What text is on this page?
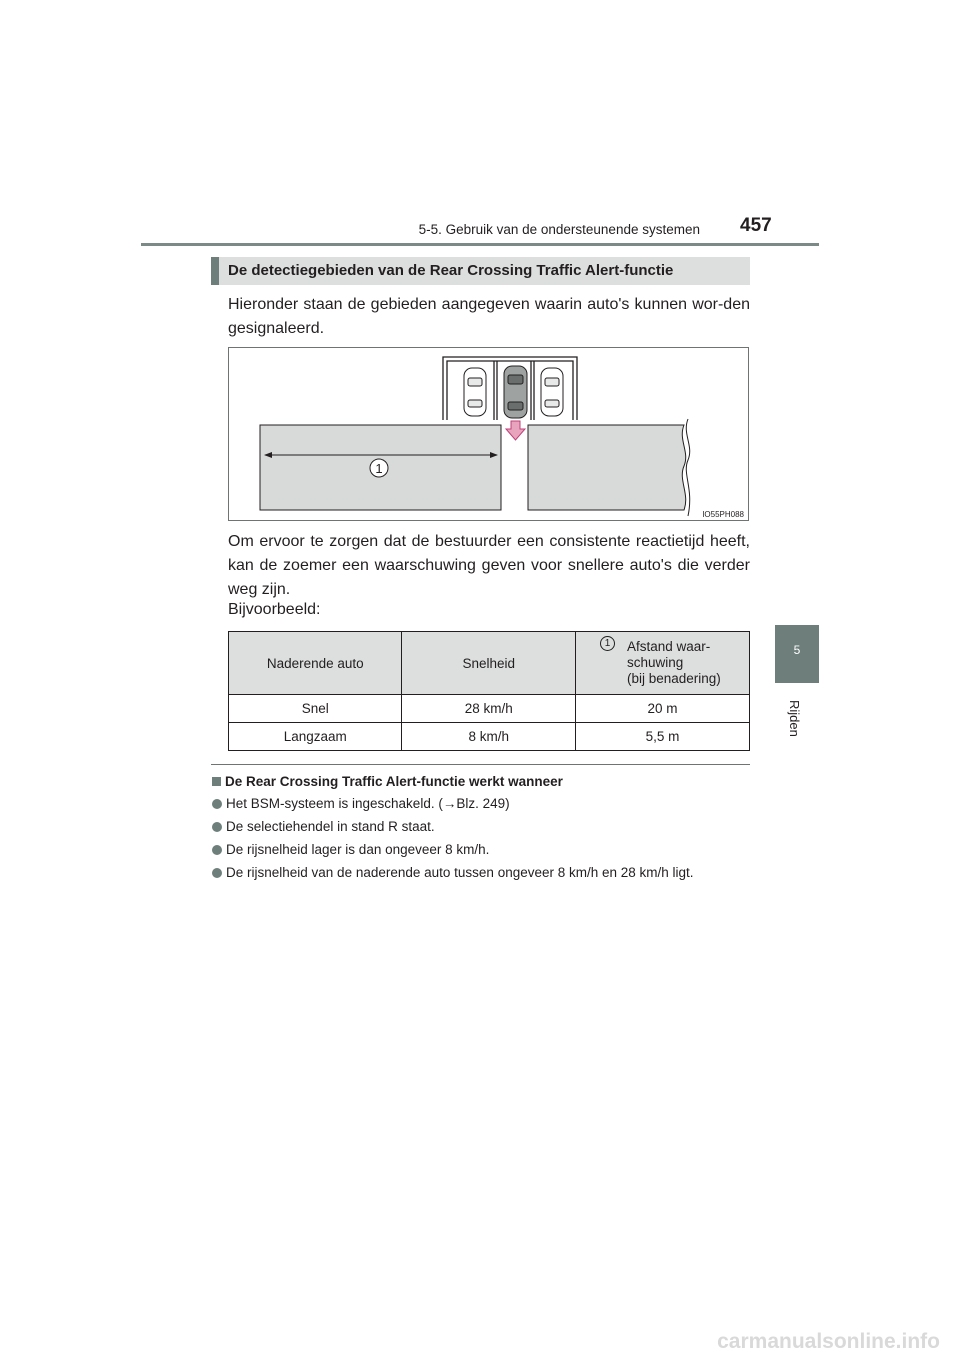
5-5. Gebruik van de ondersteunende systemen 457
5
Rijden
De detectiegebieden van de Rear Crossing Traffic Alert-functie

Hieronder staan de gebieden aangegeven waarin auto's kunnen wor-den gesignaleerd.

1
IO55PH088

Om ervoor te zorgen dat de bestuurder een consistente reactietijd heeft, kan de zoemer een waarschuwing geven voor snellere auto's die verder weg zijn.

Bijvoorbeeld:

Naderende auto	Snelheid	1 Afstand waar-
schuwing
(bij benadering)

Snel	28 km/h	20 m
Langzaam	8 km/h	5,5 m
De Rear Crossing Traffic Alert-functie werkt wanneer
Het BSM-systeem is ingeschakeld. (→Blz. 249)
De selectiehendel in stand R staat.
De rijsnelheid lager is dan ongeveer 8 km/h.
De rijsnelheid van de naderende auto tussen ongeveer 8 km/h en 28 km/h ligt.
carmanualsonline.info
